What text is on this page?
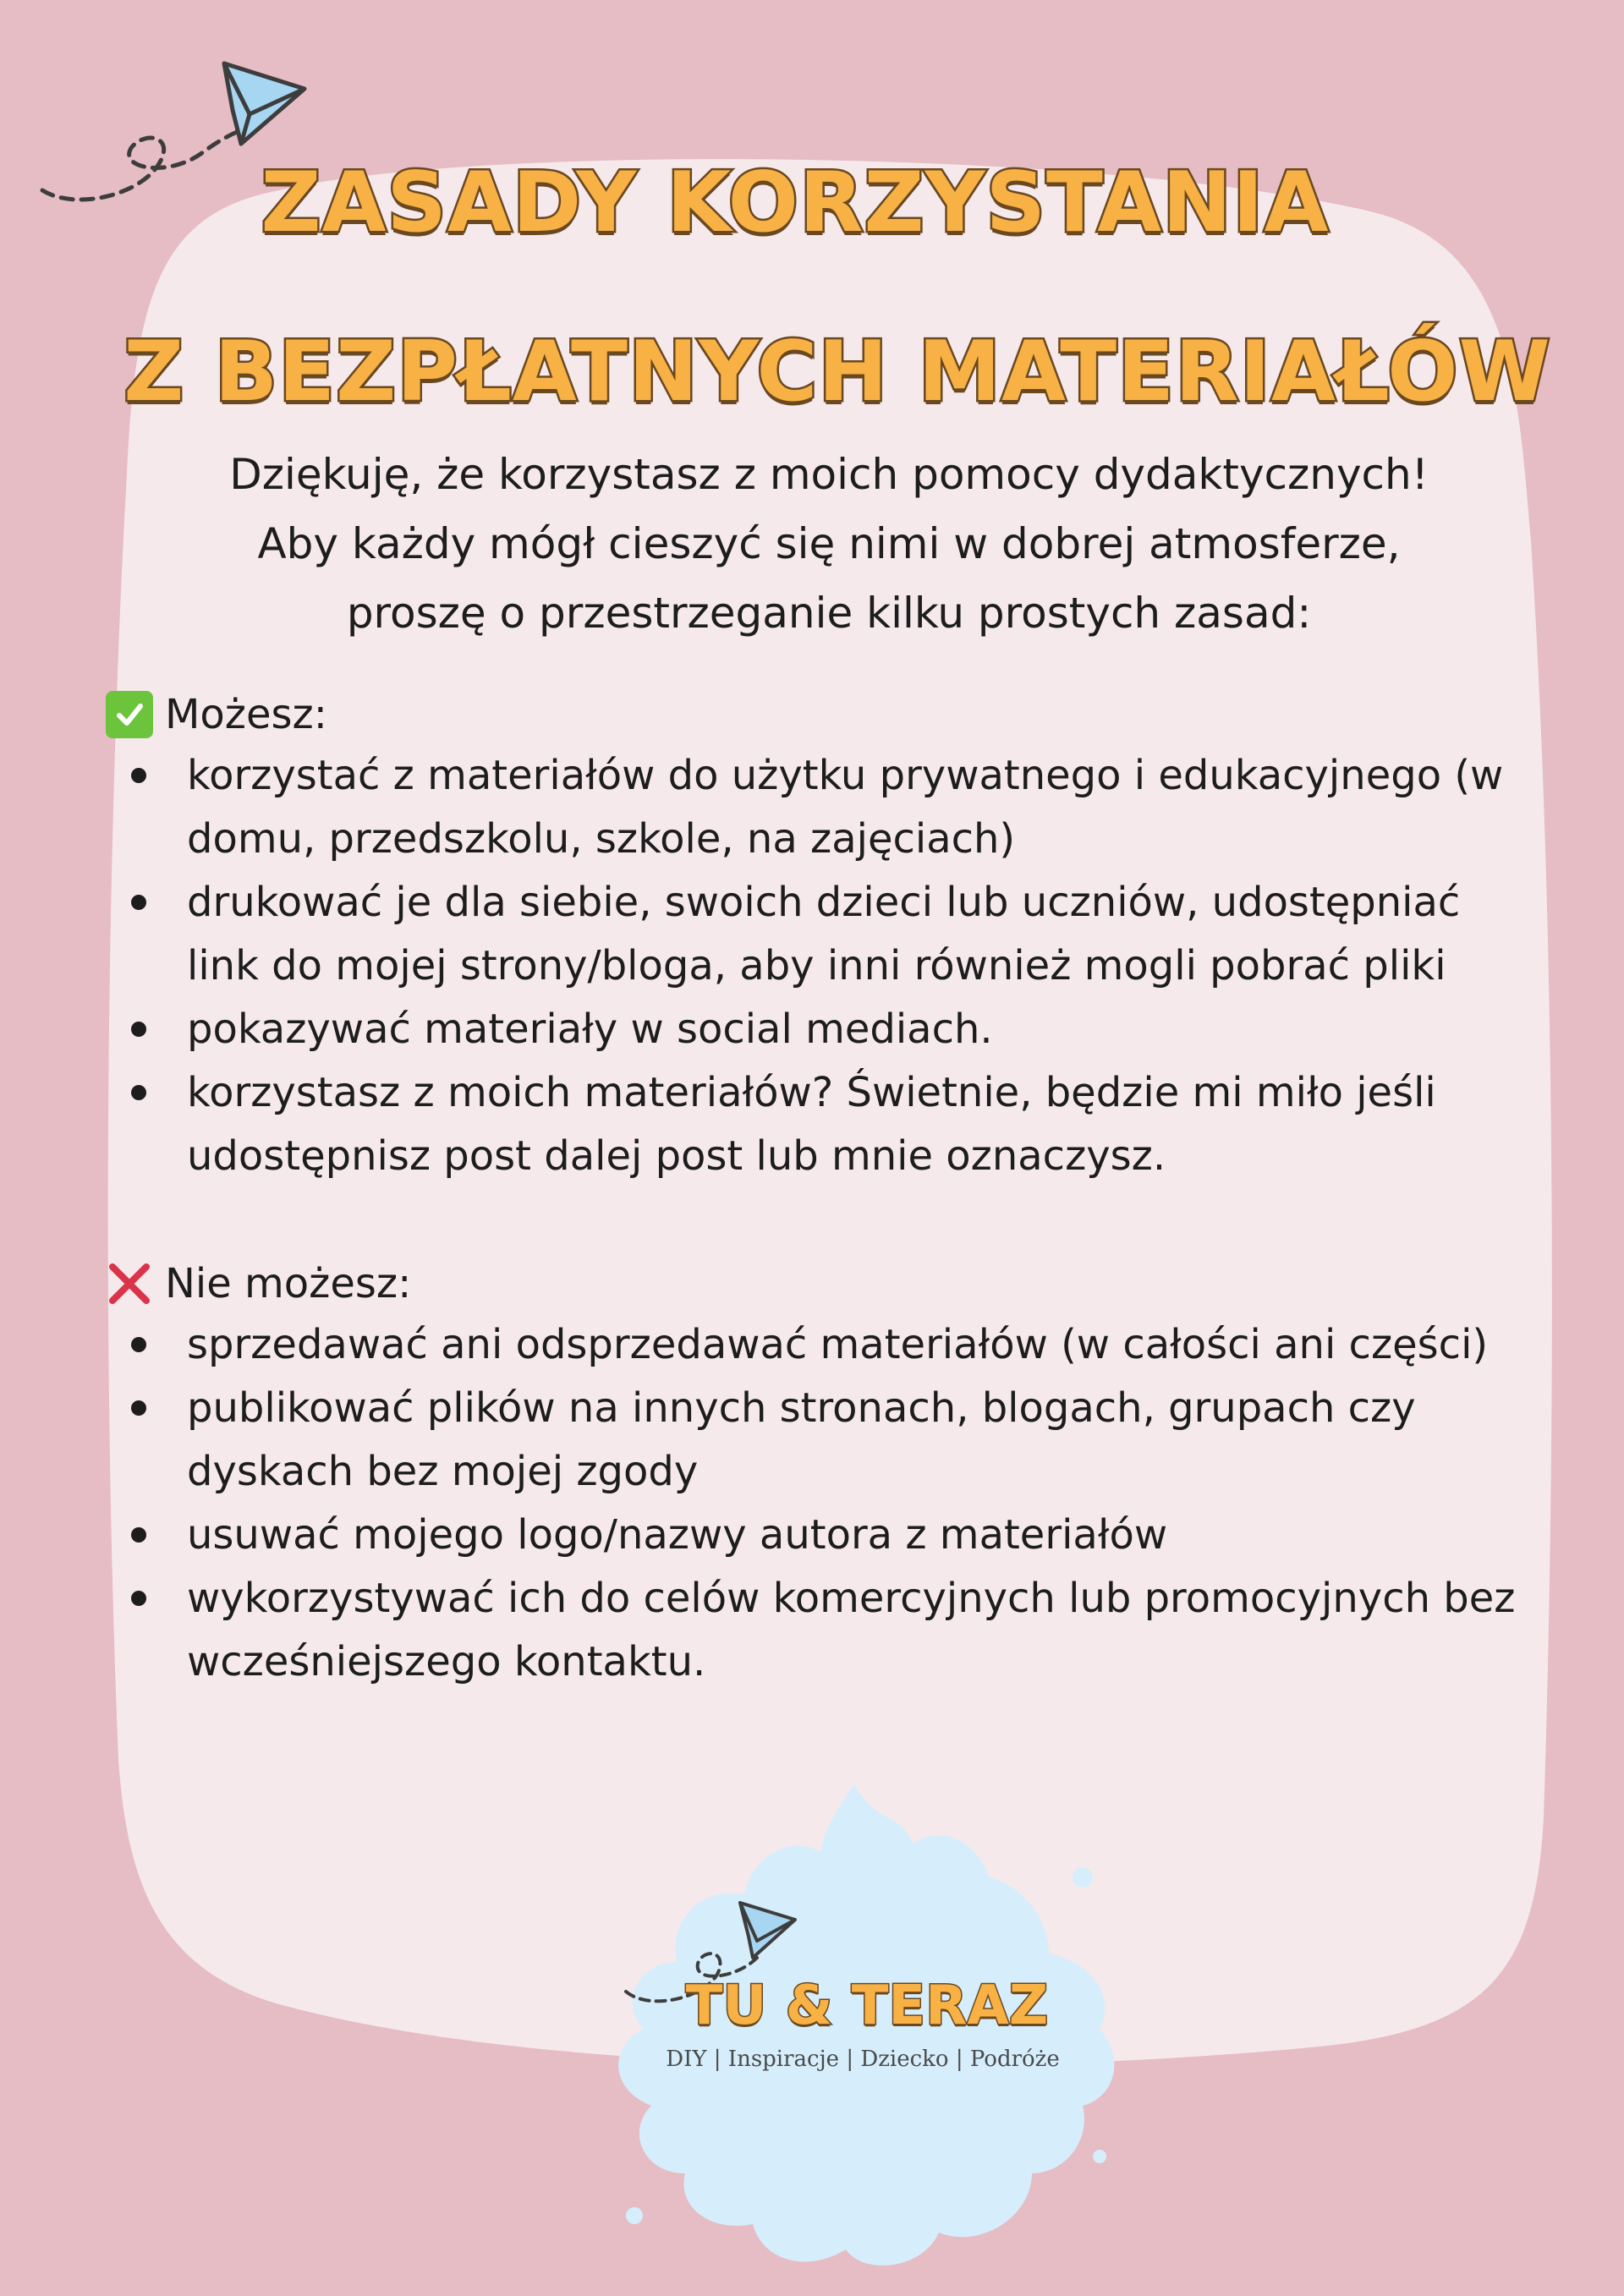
ZASADY KORZYSTANIA
Z BEZPŁATNYCH MATERIAŁÓW

Dziękuję, że korzystasz z moich pomocy dydaktycznych!
Aby każdy mógł cieszyć się nimi w dobrej atmosferze,
proszę o przestrzeganie kilku prostych zasad:

Możesz:
korzystać z materiałów do użytku prywatnego i edukacyjnego (w domu, przedszkolu, szkole, na zajęciach)
drukować je dla siebie, swoich dzieci lub uczniów, udostępniać link do mojej strony/bloga, aby inni również mogli pobrać pliki
pokazywać materiały w social mediach.
korzystasz z moich materiałów? Świetnie, będzie mi miło jeśli udostępnisz post dalej post lub mnie oznaczysz.
Nie możesz:
sprzedawać ani odsprzedawać materiałów (w całości ani części)
publikować plików na innych stronach, blogach, grupach czy dyskach bez mojej zgody
usuwać mojego logo/nazwy autora z materiałów
wykorzystywać ich do celów komercyjnych lub promocyjnych bez wcześniejszego kontaktu.

TU & TERAZ

DIY | Inspiracje | Dziecko | Podróże
